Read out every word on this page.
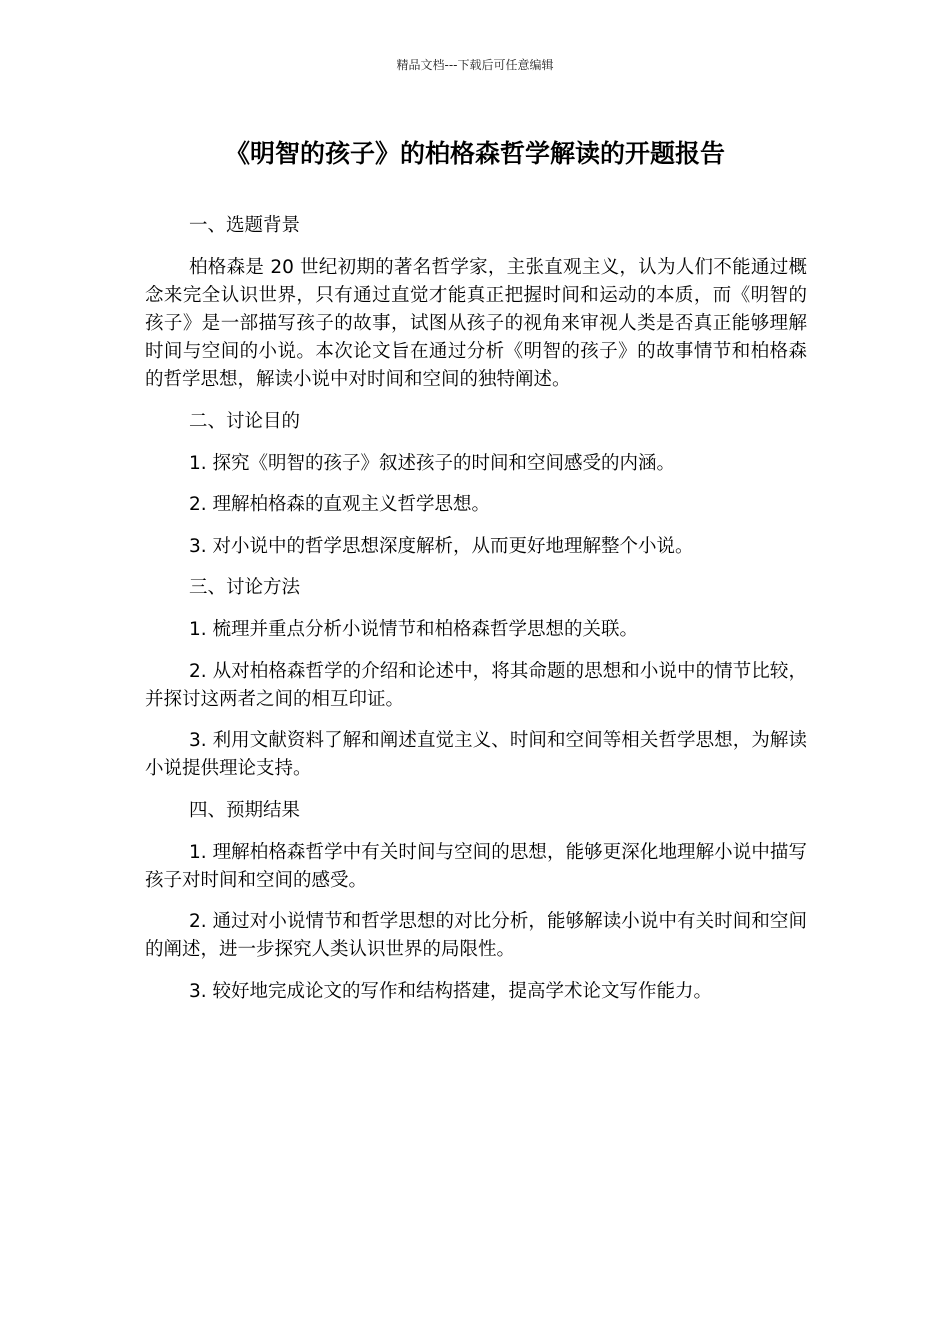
精品文档---下载后可任意编辑
《明智的孩子》的柏格森哲学解读的开题报告

一、选题背景

柏格森是 20 世纪初期的著名哲学家，主张直观主义，认为人们不能通过概念来完全认识世界，只有通过直觉才能真正把握时间和运动的本质，而《明智的孩子》是一部描写孩子的故事，试图从孩子的视角来审视人类是否真正能够理解时间与空间的小说。本次论文旨在通过分析《明智的孩子》的故事情节和柏格森的哲学思想，解读小说中对时间和空间的独特阐述。

二、讨论目的

1. 探究《明智的孩子》叙述孩子的时间和空间感受的内涵。

2. 理解柏格森的直观主义哲学思想。

3. 对小说中的哲学思想深度解析，从而更好地理解整个小说。

三、讨论方法

1. 梳理并重点分析小说情节和柏格森哲学思想的关联。

2. 从对柏格森哲学的介绍和论述中，将其命题的思想和小说中的情节比较，并探讨这两者之间的相互印证。

3. 利用文献资料了解和阐述直觉主义、时间和空间等相关哲学思想，为解读小说提供理论支持。

四、预期结果

1. 理解柏格森哲学中有关时间与空间的思想，能够更深化地理解小说中描写孩子对时间和空间的感受。

2. 通过对小说情节和哲学思想的对比分析，能够解读小说中有关时间和空间的阐述，进一步探究人类认识世界的局限性。

3. 较好地完成论文的写作和结构搭建，提高学术论文写作能力。
